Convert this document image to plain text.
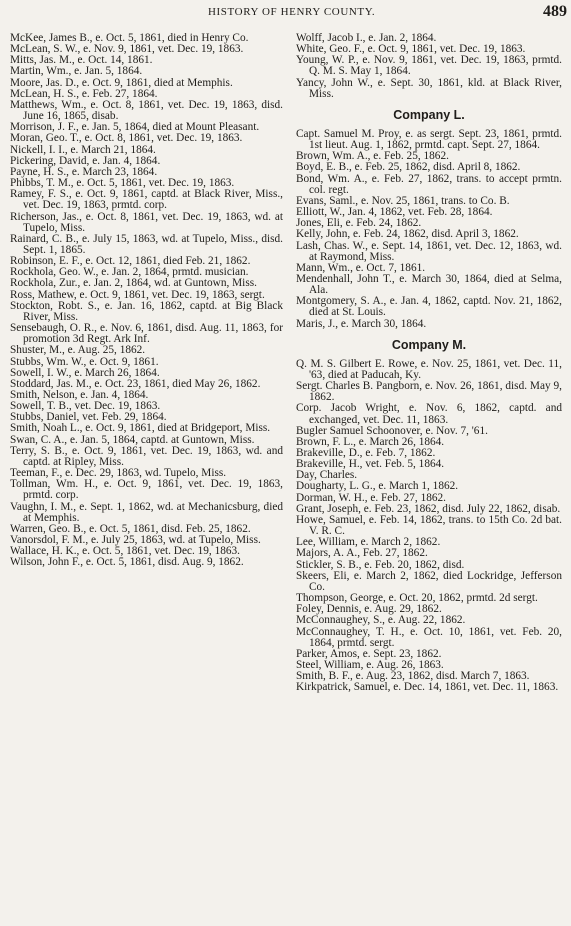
HISTORY OF HENRY COUNTY.	489
McKee, James B., e. Oct. 5, 1861, died in Henry Co.
McLean, S. W., e. Nov. 9, 1861, vet. Dec. 19, 1863.
Mitts, Jas. M., e. Oct. 14, 1861.
Martin, Wm., e. Jan. 5, 1864.
Moore, Jas. D., e. Oct. 9, 1861, died at Memphis.
McLean, H. S., e. Feb. 27, 1864.
Matthews, Wm., e. Oct. 8, 1861, vet. Dec. 19, 1863, disd. June 16, 1865, disab.
Morrison, J. F., e. Jan. 5, 1864, died at Mount Pleasant.
Moran, Geo. T., e. Oct. 8, 1861, vet. Dec. 19, 1863.
Nickell, I. I., e. March 21, 1864.
Pickering, David, e. Jan. 4, 1864.
Payne, H. S., e. March 23, 1864.
Phibbs, T. M., e. Oct. 5, 1861, vet. Dec. 19, 1863.
Ramey, F. S., e. Oct. 9, 1861, captd. at Black River, Miss., vet. Dec. 19, 1863, prmtd. corp.
Richerson, Jas., e. Oct. 8, 1861, vet. Dec. 19, 1863, wd. at Tupelo, Miss.
Rainard, C. B., e. July 15, 1863, wd. at Tupelo, Miss., disd. Sept. 1, 1865.
Robinson, E. F., e. Oct. 12, 1861, died Feb. 21, 1862.
Rockhola, Geo. W., e. Jan. 2, 1864, prmtd. musician.
Rockhola, Zur., e. Jan. 2, 1864, wd. at Guntown, Miss.
Ross, Mathew, e. Oct. 9, 1861, vet. Dec. 19, 1863, sergt.
Stockton, Robt. S., e. Jan. 16, 1862, captd. at Big Black River, Miss.
Sensebaugh, O. R., e. Nov. 6, 1861, disd. Aug. 11, 1863, for promotion 3d Regt. Ark Inf.
Shuster, M., e. Aug. 25, 1862.
Stubbs, Wm. W., e. Oct. 9, 1861.
Sowell, I. W., e. March 26, 1864.
Stoddard, Jas. M., e. Oct. 23, 1861, died May 26, 1862.
Smith, Nelson, e. Jan. 4, 1864.
Sowell, T. B., vet. Dec. 19, 1863.
Stubbs, Daniel, vet. Feb. 29, 1864.
Smith, Noah L., e. Oct. 9, 1861, died at Bridgeport, Miss.
Swan, C. A., e. Jan. 5, 1864, captd. at Guntown, Miss.
Terry, S. B., e. Oct. 9, 1861, vet. Dec. 19, 1863, wd. and captd. at Ripley, Miss.
Teeman, F., e. Dec. 29, 1863, wd. Tupelo, Miss.
Tollman, Wm. H., e. Oct. 9, 1861, vet. Dec. 19, 1863, prmtd. corp.
Vaughn, I. M., e. Sept. 1, 1862, wd. at Mechanicsburg, died at Memphis.
Warren, Geo. B., e. Oct. 5, 1861, disd. Feb. 25, 1862.
Vanorsdol, F. M., e. July 25, 1863, wd. at Tupelo, Miss.
Wallace, H. K., e. Oct. 5, 1861, vet. Dec. 19, 1863.
Wilson, John F., e. Oct. 5, 1861, disd. Aug. 9, 1862.
Wolff, Jacob I., e. Jan. 2, 1864.
White, Geo. F., e. Oct. 9, 1861, vet. Dec. 19, 1863.
Young, W. P., e. Nov. 9, 1861, vet. Dec. 19, 1863, prmtd. Q. M. S. May 1, 1864.
Yancy, John W., e. Sept. 30, 1861, kld. at Black River, Miss.
Company L.
Capt. Samuel M. Proy, e. as sergt. Sept. 23, 1861, prmtd. 1st lieut. Aug. 1, 1862, prmtd. capt. Sept. 27, 1864.
Brown, Wm. A., e. Feb. 25, 1862.
Boyd, E. B., e. Feb. 25, 1862, disd. April 8, 1862.
Bond, Wm. A., e. Feb. 27, 1862, trans. to accept prmtn. col. regt.
Evans, Saml., e. Nov. 25, 1861, trans. to Co. B.
Elliott, W., Jan. 4, 1862, vet. Feb. 28, 1864.
Jones, Eli, e. Feb. 24, 1862.
Kelly, John, e. Feb. 24, 1862, disd. April 3, 1862.
Lash, Chas. W., e. Sept. 14, 1861, vet. Dec. 12, 1863, wd. at Raymond, Miss.
Mann, Wm., e. Oct. 7, 1861.
Mendenhall, John T., e. March 30, 1864, died at Selma, Ala.
Montgomery, S. A., e. Jan. 4, 1862, captd. Nov. 21, 1862, died at St. Louis.
Maris, J., e. March 30, 1864.
Company M.
Q. M. S. Gilbert E. Rowe, e. Nov. 25, 1861, vet. Dec. 11, '63, died at Paducah, Ky.
Sergt. Charles B. Pangborn, e. Nov. 26, 1861, disd. May 9, 1862.
Corp. Jacob Wright, e. Nov. 6, 1862, captd. and exchanged, vet. Dec. 11, 1863.
Bugler Samuel Schoonover, e. Nov. 7, '61.
Brown, F. L., e. March 26, 1864.
Brakeville, D., e. Feb. 7, 1862.
Brakeville, H., vet. Feb. 5, 1864.
Day, Charles.
Dougharty, L. G., e. March 1, 1862.
Dorman, W. H., e. Feb. 27, 1862.
Grant, Joseph, e. Feb. 23, 1862, disd. July 22, 1862, disab.
Howe, Samuel, e. Feb. 14, 1862, trans. to 15th Co. 2d bat. V. R. C.
Lee, William, e. March 2, 1862.
Majors, A. A., Feb. 27, 1862.
Stickler, S. B., e. Feb. 20, 1862, disd.
Skeers, Eli, e. March 2, 1862, died Lockridge, Jefferson Co.
Thompson, George, e. Oct. 20, 1862, prmtd. 2d sergt.
Foley, Dennis, e. Aug. 29, 1862.
McConnaughey, S., e. Aug. 22, 1862.
McConnaughey, T. H., e. Oct. 10, 1861, vet. Feb. 20, 1864, prmtd. sergt.
Parker, Amos, e. Sept. 23, 1862.
Steel, William, e. Aug. 26, 1863.
Smith, B. F., e. Aug. 23, 1862, disd. March 7, 1863.
Kirkpatrick, Samuel, e. Dec. 14, 1861, vet. Dec. 11, 1863.
